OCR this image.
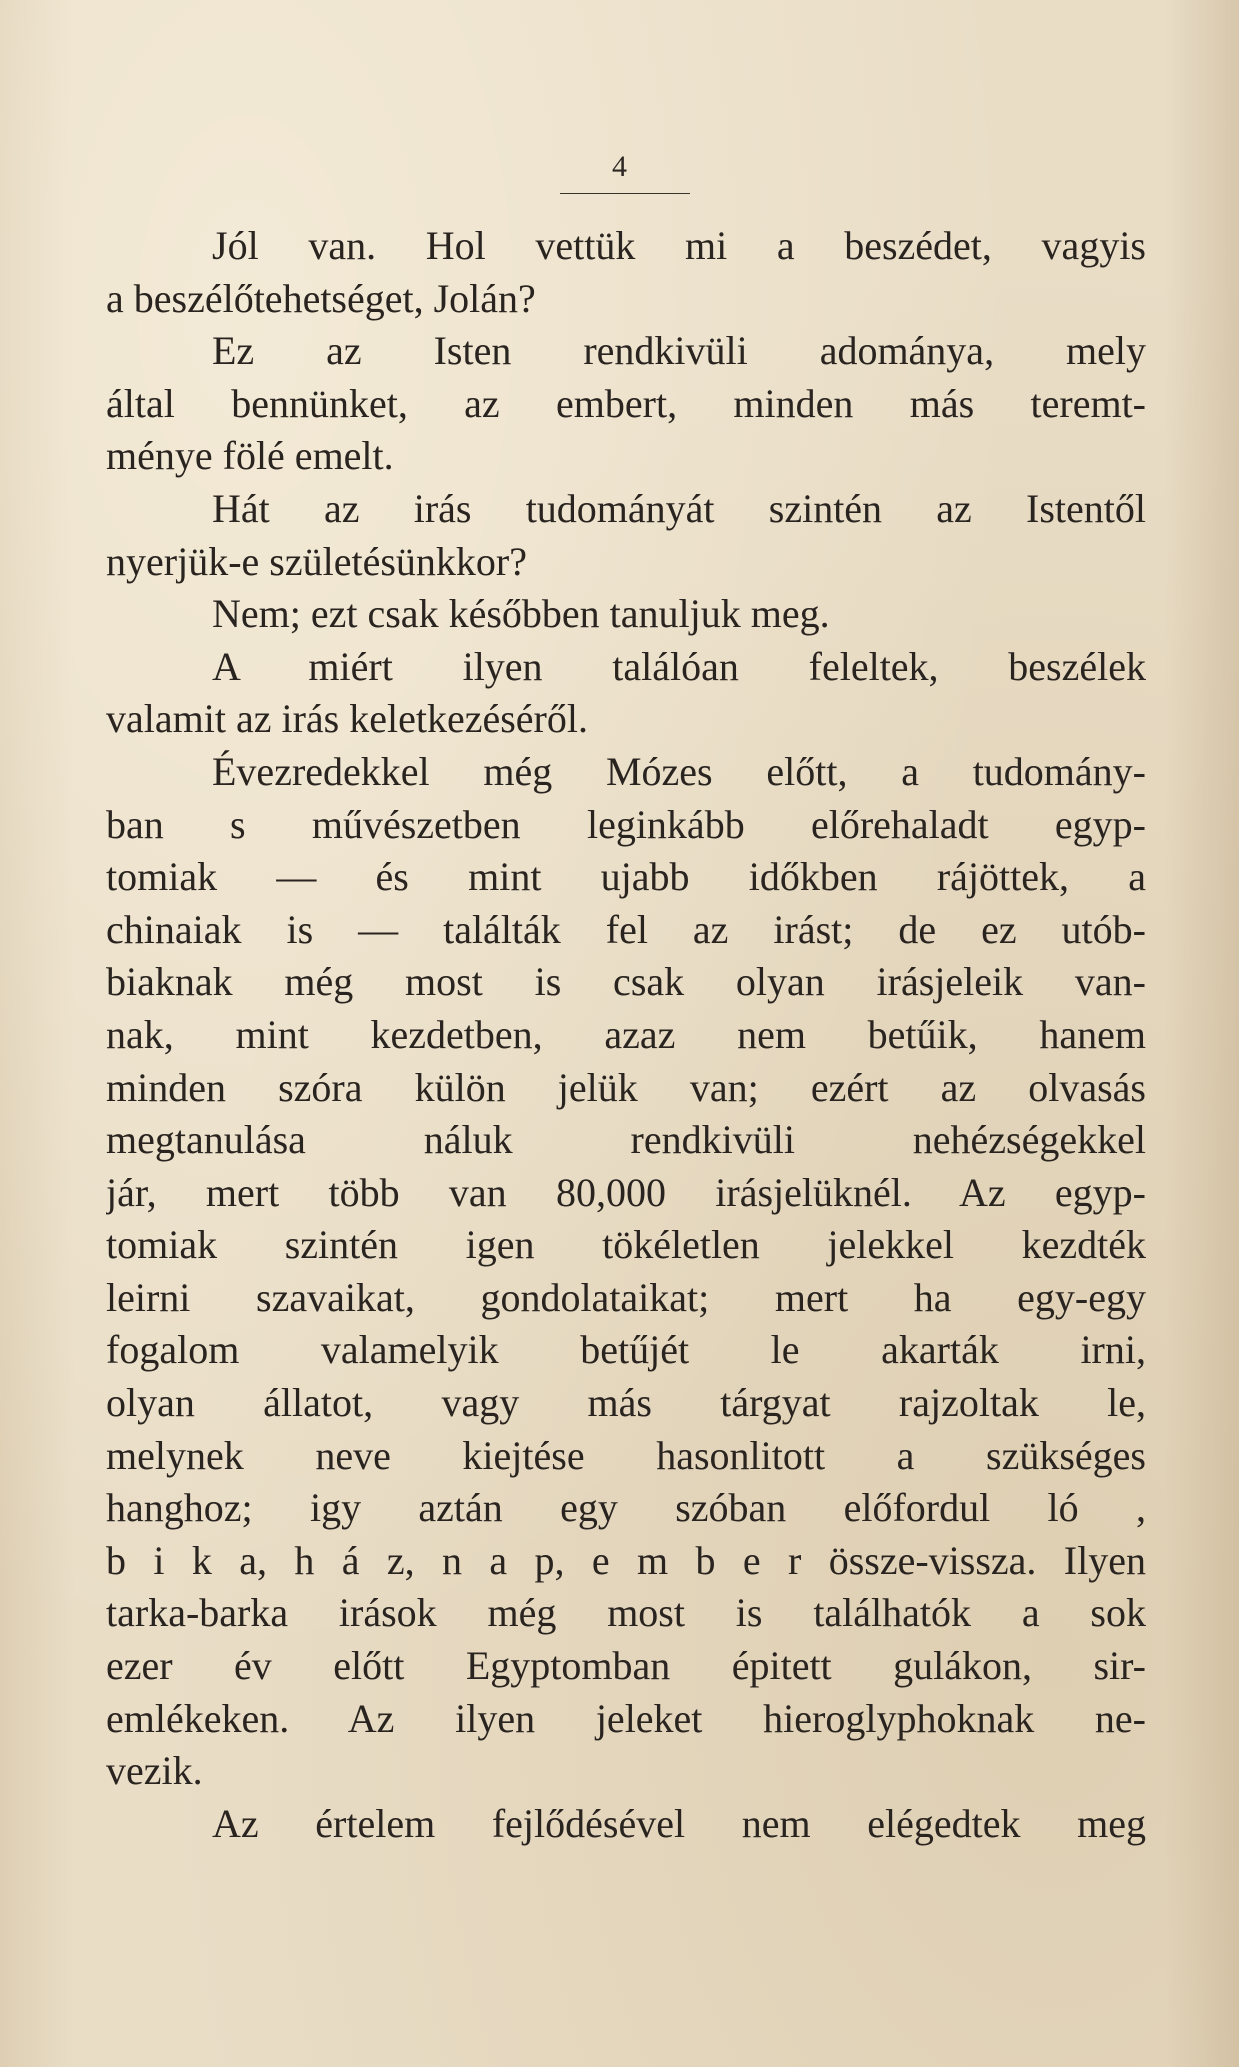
4
Jól van. Hol vettük mi a beszédet, vagyis
a beszélőtehetséget, Jolán?
Ez az Isten rendkivüli adománya, mely
által bennünket, az embert, minden más teremt-
ménye fölé emelt.
Hát az irás tudományát szintén az Istentől
nyerjük-e születésünkkor?
Nem; ezt csak későbben tanuljuk meg.
A miért ilyen találóan feleltek, beszélek
valamit az irás keletkezéséről.
Évezredekkel még Mózes előtt, a tudomány-
ban s művészetben leginkább előrehaladt egyp-
tomiak — és mint ujabb időkben rájöttek, a
chinaiak is — találták fel az irást; de ez utób-
biaknak még most is csak olyan irásjeleik van-
nak, mint kezdetben, azaz nem betűik, hanem
minden szóra külön jelük van; ezért az olvasás
megtanulása náluk rendkivüli nehézségekkel
jár, mert több van 80,000 irásjelüknél. Az egyp-
tomiak szintén igen tökéletlen jelekkel kezdték
leirni szavaikat, gondolataikat; mert ha egy-egy
fogalom valamelyik betűjét le akarták irni,
olyan állatot, vagy más tárgyat rajzoltak le,
melynek neve kiejtése hasonlitott a szükséges
hanghoz; igy aztán egy szóban előfordul ló ,
b i k a, h á z, n a p, e m b e r össze-vissza. Ilyen
tarka-barka irások még most is találhatók a sok
ezer év előtt Egyptomban épitett gulákon, sir-
emlékeken. Az ilyen jeleket hieroglyphoknak ne-
vezik.
Az értelem fejlődésével nem elégedtek meg
